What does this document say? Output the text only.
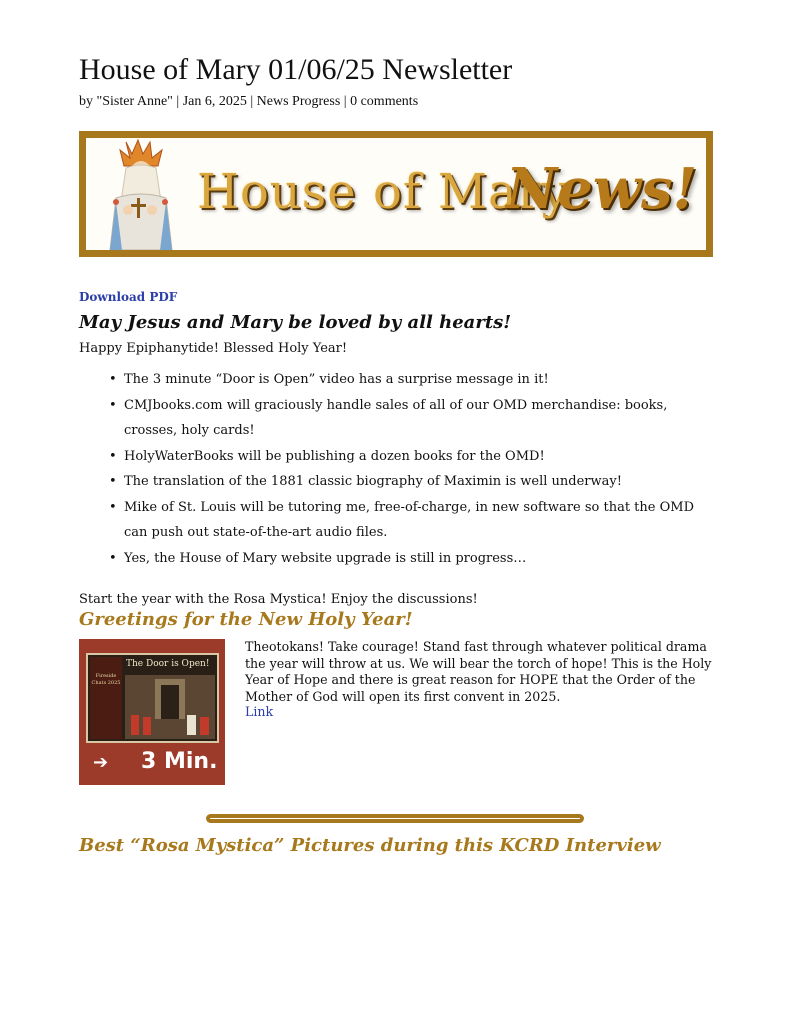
House of Mary 01/06/25 Newsletter
by "Sister Anne" | Jan 6, 2025 | News Progress | 0 comments
House of Mary
News!
Download PDF
May Jesus and Mary be loved by all hearts!
Happy Epiphanytide! Blessed Holy Year!
• The 3 minute “Door is Open” video has a surprise message in it!
• CMJbooks.com will graciously handle sales of all of our OMD merchandise: books, crosses, holy cards!
• HolyWaterBooks will be publishing a dozen books for the OMD!
• The translation of the 1881 classic biography of Maximin is well underway!
• Mike of St. Louis will be tutoring me, free-of-charge, in new software so that the OMD can push out state-of-the-art audio files.
• Yes, the House of Mary website upgrade is still in progress…
Start the year with the Rosa Mystica! Enjoy the discussions!
Greetings for the New Holy Year!
Fireside Chats 2025
The Door is Open!
➔ 3 Min.
Theotokans! Take courage! Stand fast through whatever political drama the year will throw at us. We will bear the torch of hope! This is the Holy Year of Hope and there is great reason for HOPE that the Order of the Mother of God will open its first convent in 2025.
Link
Best “Rosa Mystica” Pictures during this KCRD Interview
